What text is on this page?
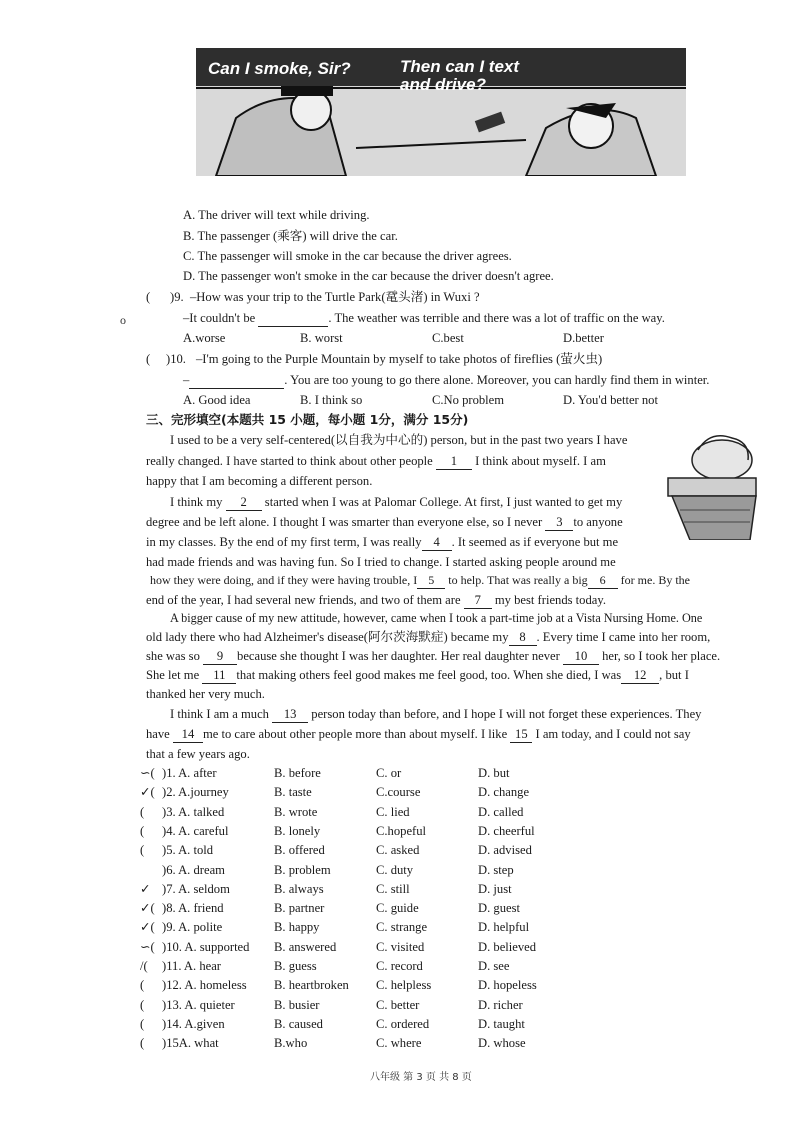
Can I smoke, Sir?	Then can I text
and drive?
A. The driver will text while driving.
B. The passenger (乘客) will drive the car.
C. The passenger will smoke in the car because the driver agrees.
D. The passenger won't smoke in the car because the driver doesn't agree.
o
( )9. –How was your trip to the Turtle Park(鼋头渚) in Wuxi ?
–It couldn't be	. The weather was terrible and there was a lot of traffic on the way.
A.worse	B. worst	C.best	D.better
( )10. –I'm going to the Purple Mountain by myself to take photos of fireflies (萤火虫)
–	. You are too young to go there alone. Moreover, you can hardly find them in winter.
A. Good idea	B. I think so	C.No problem	D. You'd better not
三、完形填空(本题共 15 小题，每小题 1分，满分 15分)
I used to be a very self-centered(以自我为中心的) person, but in the past two years I have
really changed. I have started to think about other people 1 I think about myself. I am
happy that I am becoming a different person.
I think my 2 started when I was at Palomar College. At first, I just wanted to get my
degree and be left alone. I thought I was smarter than everyone else, so I never 3 to anyone
in my classes. By the end of my first term, I was really 4 . It seemed as if everyone but me
had made friends and was having fun. So I tried to change. I started asking people around me
how they were doing, and if they were having trouble, I 5 to help. That was really a big 6 for me. By the
end of the year, I had several new friends, and two of them are 7 my best friends today.
A bigger cause of my new attitude, however, came when I took a part-time job at a Vista Nursing Home. One
old lady there who had Alzheimer's disease(阿尔茨海默症) became my 8 . Every time I came into her room,
she was so 9 because she thought I was her daughter. Her real daughter never 10 her, so I took her place.
She let me 11 that making others feel good makes me feel good, too. When she died, I was 12 , but I
thanked her very much.
I think I am a much 13 person today than before, and I hope I will not forget these experiences. They
have 14 me to care about other people more than about myself. I like 15 I am today, and I could not say
that a few years ago.
∽( )1. A. after	B. before	C. or	D. but
✓( )2. A.journey	B. taste	C.course	D. change
( )3. A. talked	B. wrote	C. lied	D. called
( )4. A. careful	B. lonely	C.hopeful	D. cheerful
( )5. A. told	B. offered	C. asked	D. advised
)6. A. dream	B. problem	C. duty	D. step
✓ )7. A. seldom	B. always	C. still	D. just
✓( )8. A. friend	B. partner	C. guide	D. guest
✓( )9. A. polite	B. happy	C. strange	D. helpful
∽( )10. A. supported B. answered	C. visited	D. believed
/( )11. A. hear	B. guess	C. record	D. see
( )12. A. homeless B. heartbroken C. helpless	D. hopeless
( )13. A. quieter	B. busier	C. better	D. richer
( )14. A.given	B. caused	C. ordered	D. taught
( )15A. what	B.who	C. where	D. whose
八年级 第 3 页 共 8 页
